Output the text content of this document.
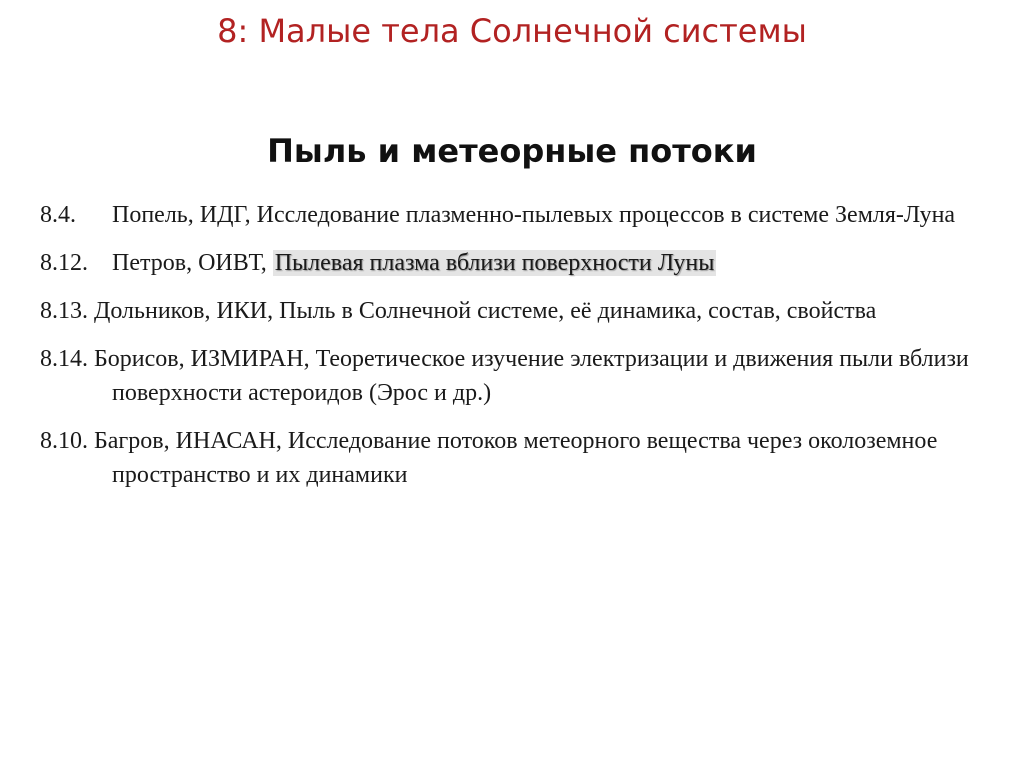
8: Малые тела Солнечной системы
Пыль и метеорные потоки
8.4. Попель, ИДГ, Исследование плазменно-пылевых процессов в системе Земля-Луна
8.12. Петров, ОИВТ, Пылевая плазма вблизи поверхности Луны
8.13. Дольников, ИКИ, Пыль в Солнечной системе, её динамика, состав, свойства
8.14. Борисов, ИЗМИРАН, Теоретическое изучение электризации и движения пыли вблизи поверхности астероидов (Эрос и др.)
8.10. Багров, ИНАСАН, Исследование потоков метеорного вещества через околоземное пространство и их динамики
